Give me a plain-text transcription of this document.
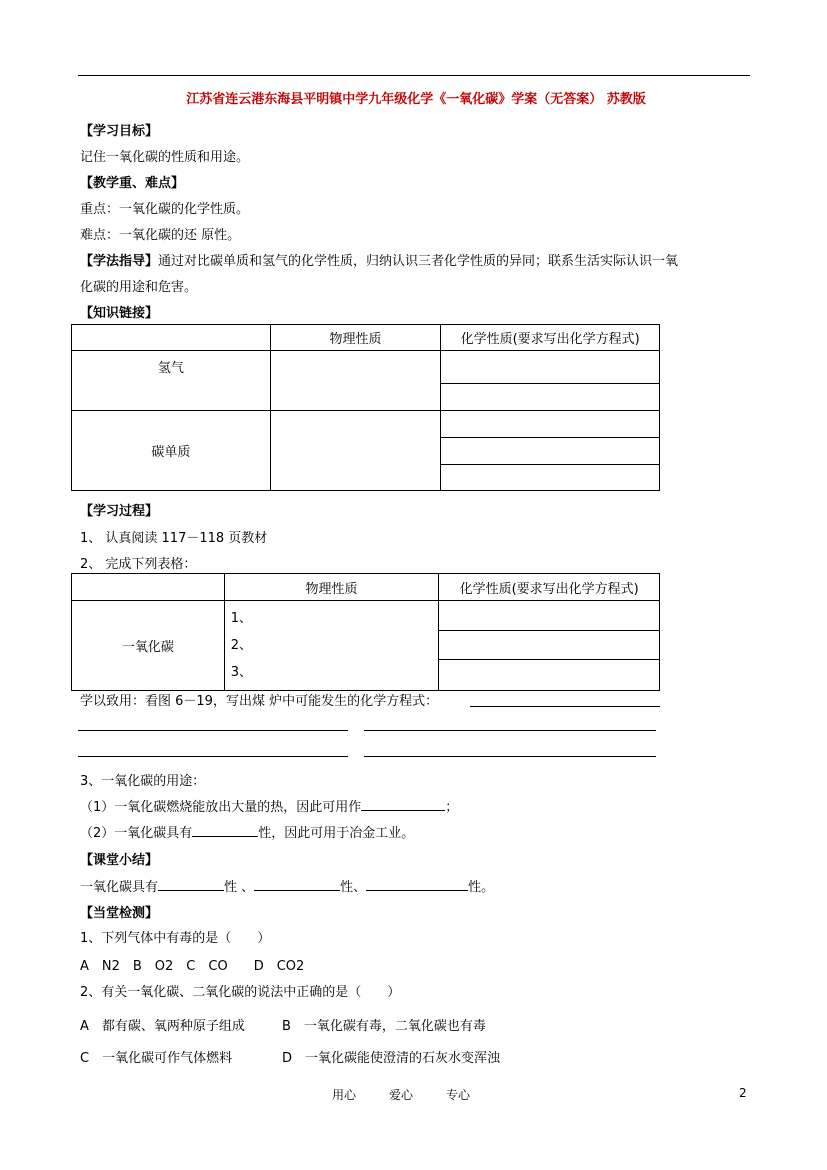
江苏省连云港东海县平明镇中学九年级化学《一氧化碳》学案（无答案） 苏教版
【学习目标】
记住一氧化碳的性质和用途。
【教学重、难点】
重点：一氧化碳的化学性质。
难点：一氧化碳的还 原性。
【学法指导】通过对比碳单质和氢气的化学性质，归纳认识三者化学性质的异同；联系生活实际认识一氧
化碳的用途和危害。
【知识链接】
	物理性质	化学性质(要求写出化学方程式)
氢气		

碳单质		

【学习过程】
1、 认真阅读 117－118 页教材
2、 完成下列表格：
	物理性质	化学性质(要求写出化学方程式)
一氧化碳	1、
2、
3、	

学以致用：看图 6－19，写出煤 炉中可能发生的化学方程式：
3、一氧化碳的用途：
（1）一氧化碳燃烧能放出大量的热，因此可用作	；
（2）一氧化碳具有	性，因此可用于冶金工业。
【课堂小结】
一氧化碳具有	性 、	性、	性。
【当堂检测】
1、下列气体中有毒的是（　　）
A　N2　B　O2　C　CO　　D　CO2
2、有关一氧化碳、二氧化碳的说法中正确的是（　　）
A　都有碳、氧两种原子组成	B　一氧化碳有毒，二氧化碳也有毒
C　一氧化碳可作气体燃料	D　一氧化碳能使澄清的石灰水变浑浊
用心	爱心	专心	2
